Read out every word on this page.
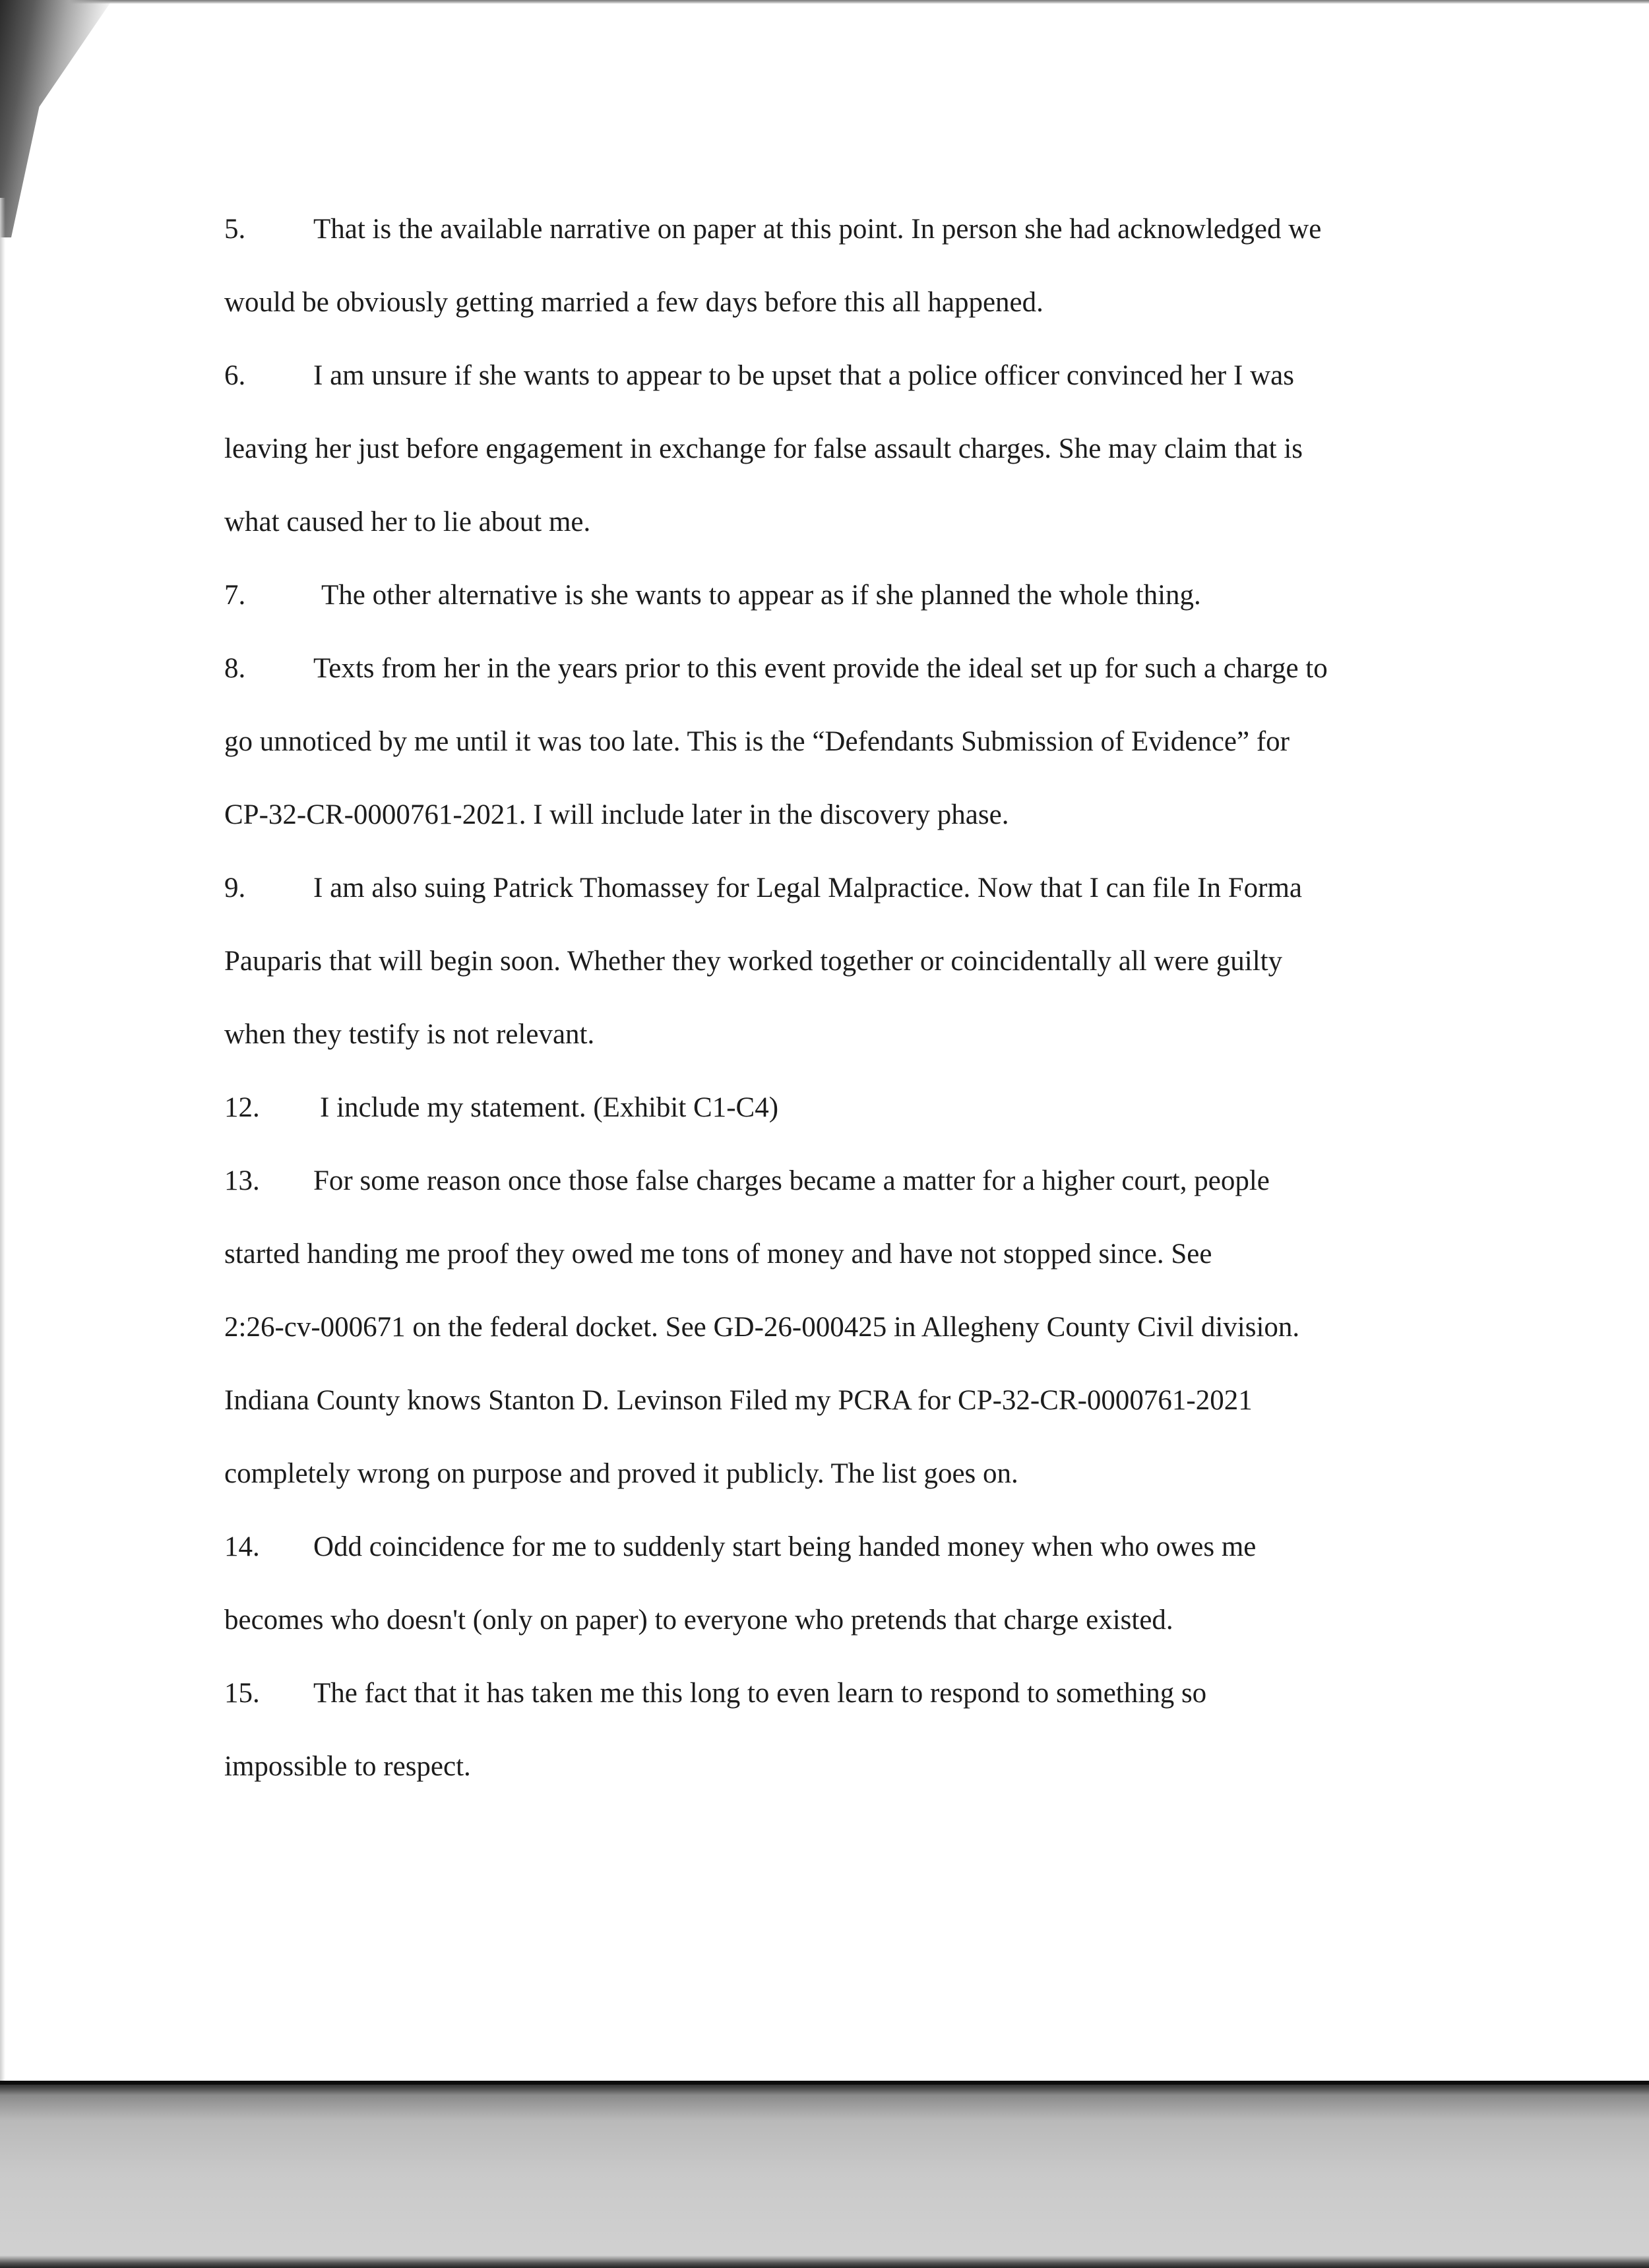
5. That is the available narrative on paper at this point. In person she had acknowledged we
would be obviously getting married a few days before this all happened.
6. I am unsure if she wants to appear to be upset that a police officer convinced her I was
leaving her just before engagement in exchange for false assault charges. She may claim that is
what caused her to lie about me.
7.	The other alternative is she wants to appear as if she planned the whole thing.
8. Texts from her in the years prior to this event provide the ideal set up for such a charge to
go unnoticed by me until it was too late. This is the “Defendants Submission of Evidence” for
CP-32-CR-0000761-2021. I will include later in the discovery phase.
9. I am also suing Patrick Thomassey for Legal Malpractice. Now that I can file In Forma
Pauparis that will begin soon. Whether they worked together or coincidentally all were guilty
when they testify is not relevant.
12. I include my statement. (Exhibit C1-C4)
13. For some reason once those false charges became a matter for a higher court, people
started handing me proof they owed me tons of money and have not stopped since. See
2:26-cv-000671 on the federal docket. See GD-26-000425 in Allegheny County Civil division.
Indiana County knows Stanton D. Levinson Filed my PCRA for CP-32-CR-0000761-2021
completely wrong on purpose and proved it publicly. The list goes on.
14. Odd coincidence for me to suddenly start being handed money when who owes me
becomes who doesn't (only on paper) to everyone who pretends that charge existed.
15. The fact that it has taken me this long to even learn to respond to something so
impossible to respect.
